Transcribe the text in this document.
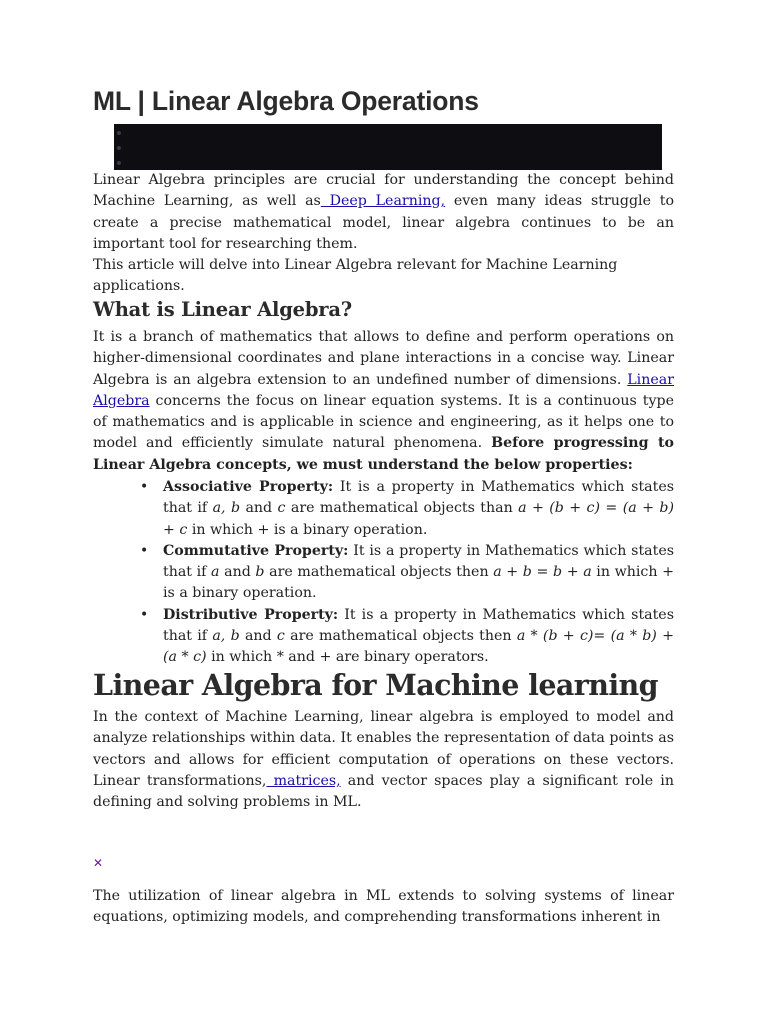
ML | Linear Algebra Operations

Linear Algebra principles are crucial for understanding the concept behind Machine Learning, as well as Deep Learning, even many ideas struggle to create a precise mathematical model, linear algebra continues to be an important tool for researching them.

This article will delve into Linear Algebra relevant for Machine Learning applications.

What is Linear Algebra?

It is a branch of mathematics that allows to define and perform operations on higher-dimensional coordinates and plane interactions in a concise way. Linear Algebra is an algebra extension to an undefined number of dimensions. Linear Algebra concerns the focus on linear equation systems. It is a continuous type of mathematics and is applicable in science and engineering, as it helps one to model and efficiently simulate natural phenomena. Before progressing to Linear Algebra concepts, we must understand the below properties:

• Associative Property: It is a property in Mathematics which states that if a, b and c are mathematical objects than a + (b + c) = (a + b) + c in which + is a binary operation.
• Commutative Property: It is a property in Mathematics which states that if a and b are mathematical objects then a + b = b + a in which + is a binary operation.
• Distributive Property: It is a property in Mathematics which states that if a, b and c are mathematical objects then a * (b + c)= (a * b) + (a * c) in which * and + are binary operators.
Linear Algebra for Machine learning

In the context of Machine Learning, linear algebra is employed to model and analyze relationships within data. It enables the representation of data points as vectors and allows for efficient computation of operations on these vectors. Linear transformations, matrices, and vector spaces play a significant role in defining and solving problems in ML.

✕

The utilization of linear algebra in ML extends to solving systems of linear equations, optimizing models, and comprehending transformations inherent in
